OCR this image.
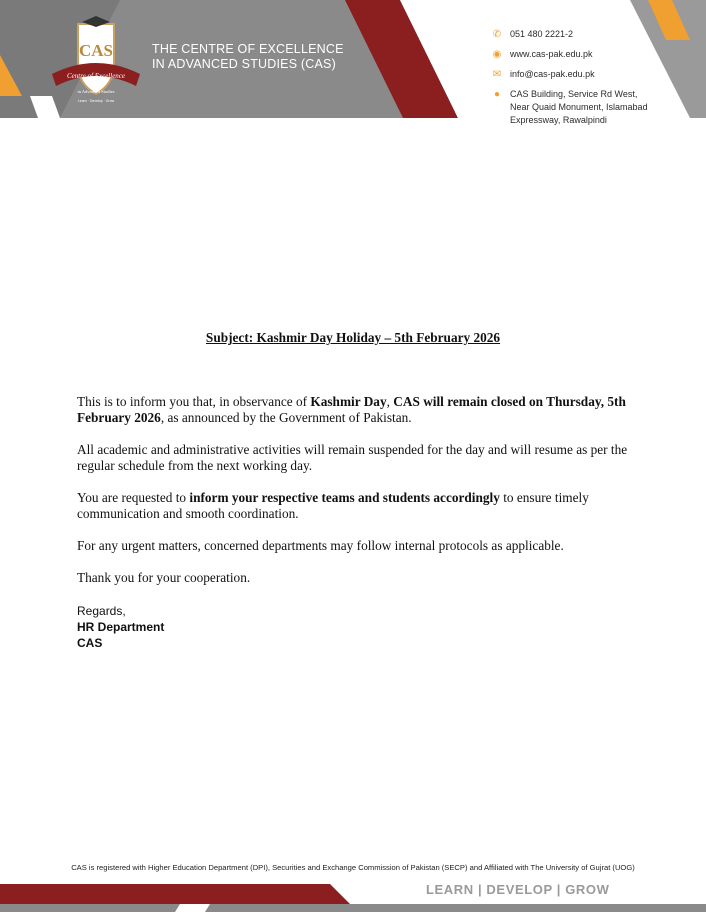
CAS
Centre of Excellence
in Advanced Studies
Learn · Develop · Grow
THE CENTRE OF EXCELLENCE
IN ADVANCED STUDIES (CAS)
✆ 051 480 2221-2
◉ www.cas-pak.edu.pk
✉ info@cas-pak.edu.pk
●	CAS Building, Service Rd West,
Near Quaid Monument, Islamabad
Expressway, Rawalpindi
Subject: Kashmir Day Holiday – 5th February 2026

This is to inform you that, in observance of Kashmir Day, CAS will remain closed on Thursday, 5th February 2026, as announced by the Government of Pakistan.

All academic and administrative activities will remain suspended for the day and will resume as per the regular schedule from the next working day.

You are requested to inform your respective teams and students accordingly to ensure timely communication and smooth coordination.

For any urgent matters, concerned departments may follow internal protocols as applicable.

Thank you for your cooperation.

Regards,
HR Department
CAS
CAS is registered with Higher Education Department (DPI), Securities and Exchange Commission of Pakistan (SECP) and Affiliated with The University of Gujrat (UOG)
LEARN | DEVELOP | GROW
